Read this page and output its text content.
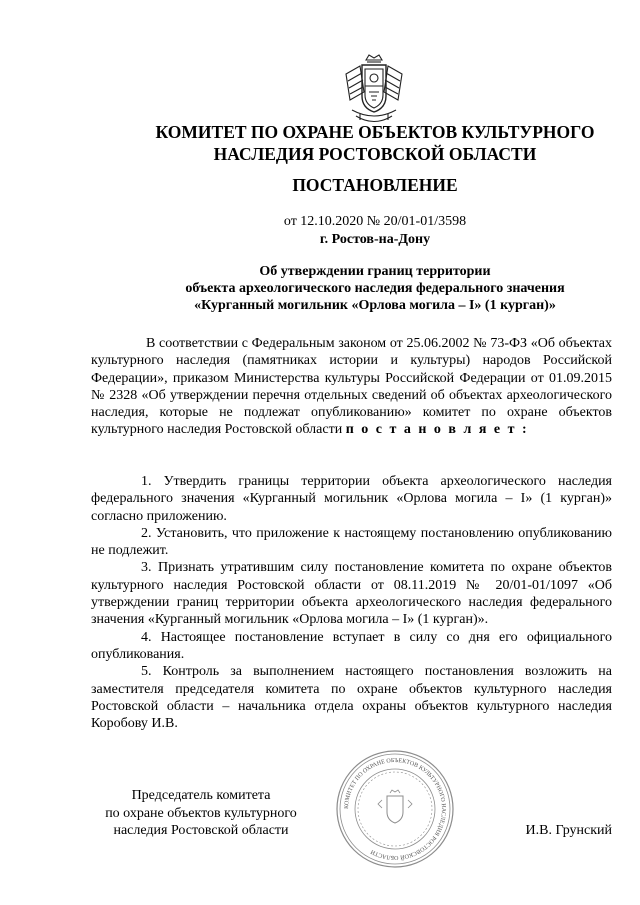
КОМИТЕТ ПО ОХРАНЕ ОБЪЕКТОВ КУЛЬТУРНОГО
НАСЛЕДИЯ РОСТОВСКОЙ ОБЛАСТИ
ПОСТАНОВЛЕНИЕ
от 12.10.2020 № 20/01-01/3598
г. Ростов-на-Дону
Об утверждении границ территории
объекта археологического наследия федерального значения
«Курганный могильник «Орлова могила – I» (1 курган)»
В соответствии с Федеральным законом от 25.06.2002 № 73-ФЗ «Об объектах культурного наследия (памятниках истории и культуры) народов Российской Федерации», приказом Министерства культуры Российской Федерации от 01.09.2015 № 2328 «Об утверждении перечня отдельных сведений об объектах археологического наследия, которые не подлежат опубликованию» комитет по охране объектов культурного наследия Ростовской области п о с т а н о в л я е т :

1. Утвердить границы территории объекта археологического наследия федерального значения «Курганный могильник «Орлова могила – I» (1 курган)» согласно приложению.

2. Установить, что приложение к настоящему постановлению опубликованию не подлежит.

3. Признать утратившим силу постановление комитета по охране объектов культурного наследия Ростовской области от 08.11.2019 № 20/01-01/1097 «Об утверждении границ территории объекта археологического наследия федерального значения «Курганный могильник «Орлова могила – I» (1 курган)».

4. Настоящее постановление вступает в силу со дня его официального опубликования.

5. Контроль за выполнением настоящего постановления возложить на заместителя председателя комитета по охране объектов культурного наследия Ростовской области – начальника отдела охраны объектов культурного наследия Коробову И.В.

Председатель комитета
по охране объектов культурного
наследия Ростовской области
КОМИТЕТ ПО ОХРАНЕ ОБЪЕКТОВ КУЛЬТУРНОГО НАСЛЕДИЯ РОСТОВСКОЙ ОБЛАСТИ
И.В. Грунский
